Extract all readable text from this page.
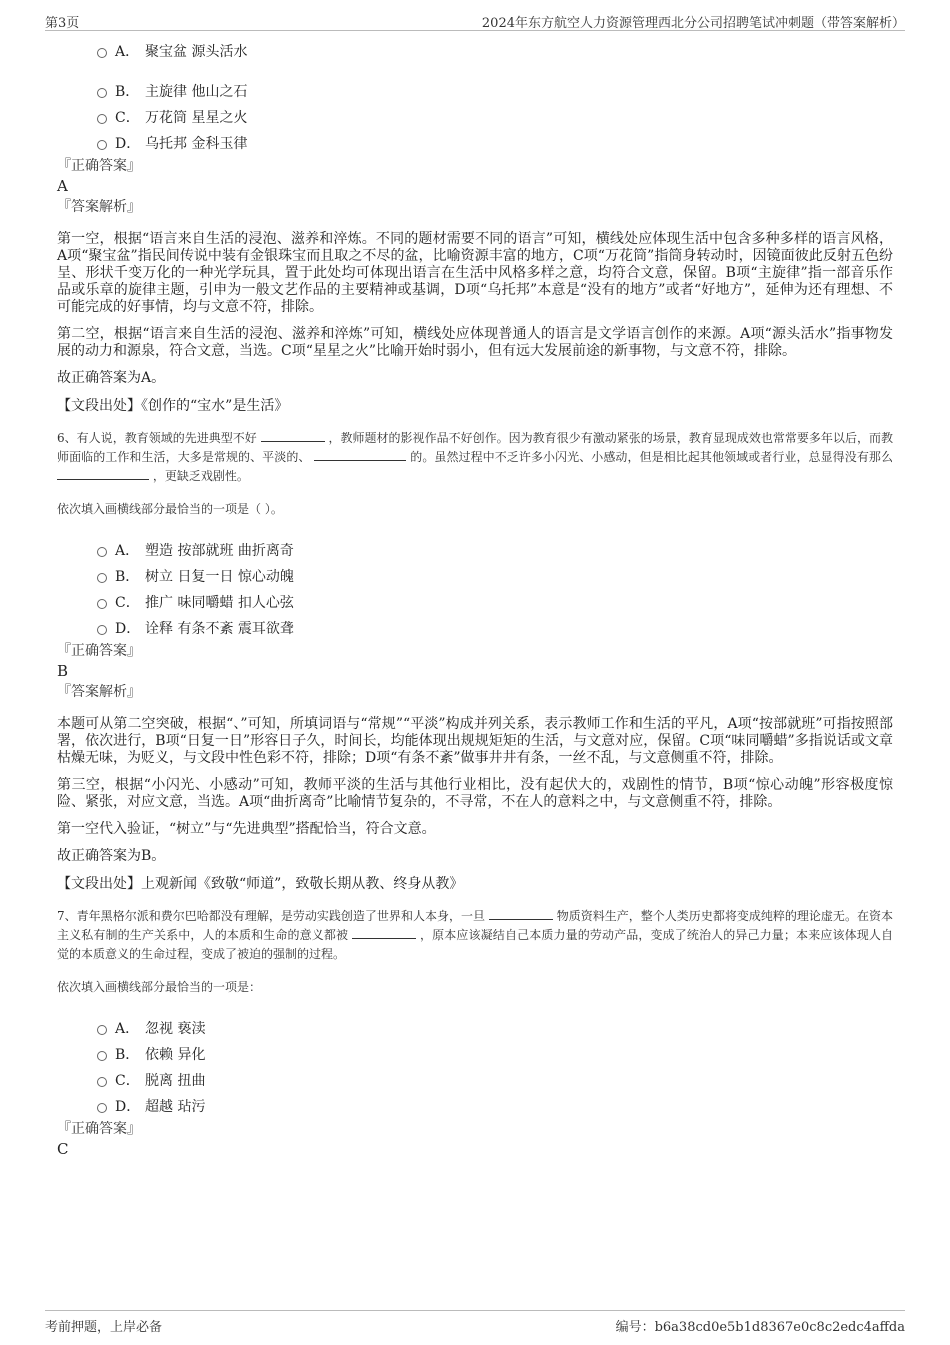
第3页	2024年东方航空人力资源管理西北分公司招聘笔试冲刺题（带答案解析）
A． 聚宝盆 源头活水
B． 主旋律 他山之石
C． 万花筒 星星之火
D． 乌托邦 金科玉律
『正确答案』
A
『答案解析』
第一空，根据“语言来自生活的浸泡、滋养和淬炼。不同的题材需要不同的语言”可知，横线处应体现生活中包含多种多样的语言风格，A项“聚宝盆”指民间传说中装有金银珠宝而且取之不尽的盆，比喻资源丰富的地方，C项“万花筒”指筒身转动时，因镜面彼此反射五色纷呈、形状千变万化的一种光学玩具，置于此处均可体现出语言在生活中风格多样之意，均符合文意，保留。B项“主旋律”指一部音乐作品或乐章的旋律主题，引申为一般文艺作品的主要精神或基调，D项“乌托邦”本意是“没有的地方”或者“好地方”，延伸为还有理想、不可能完成的好事情，均与文意不符，排除。
第二空，根据“语言来自生活的浸泡、滋养和淬炼”可知，横线处应体现普通人的语言是文学语言创作的来源。A项“源头活水”指事物发展的动力和源泉，符合文意，当选。C项“星星之火”比喻开始时弱小，但有远大发展前途的新事物，与文意不符，排除。
故正确答案为A。
【文段出处】《创作的“宝水”是生活》
6、有人说，教育领域的先进典型不好	，教师题材的影视作品不好创作。因为教育很少有激动紧张的场景，教育显现成效也常常要多年以后，而教师面临的工作和生活，大多是常规的、平淡的、	的。虽然过程中不乏许多小闪光、小感动，但是相比起其他领域或者行业，总显得没有那么  ，更缺乏戏剧性。
依次填入画横线部分最恰当的一项是（ ）。
A． 塑造 按部就班 曲折离奇
B． 树立 日复一日 惊心动魄
C． 推广 味同嚼蜡 扣人心弦
D． 诠释 有条不紊 震耳欲聋
『正确答案』
B
『答案解析』
本题可从第二空突破，根据“、”可知，所填词语与“常规”“平淡”构成并列关系，表示教师工作和生活的平凡，A项“按部就班”可指按照部署，依次进行，B项“日复一日”形容日子久，时间长，均能体现出规规矩矩的生活，与文意对应，保留。C项“味同嚼蜡”多指说话或文章枯燥无味，为贬义，与文段中性色彩不符，排除；D项“有条不紊”做事井井有条，一丝不乱，与文意侧重不符，排除。
第三空，根据“小闪光、小感动”可知，教师平淡的生活与其他行业相比，没有起伏大的，戏剧性的情节，B项“惊心动魄”形容极度惊险、紧张，对应文意，当选。A项“曲折离奇”比喻情节复杂的，不寻常，不在人的意料之中，与文意侧重不符，排除。
第一空代入验证，“树立”与“先进典型”搭配恰当，符合文意。
故正确答案为B。
【文段出处】上观新闻《致敬“师道”，致敬长期从教、终身从教》
7、青年黑格尔派和费尔巴哈都没有理解，是劳动实践创造了世界和人本身，一旦	物质资料生产，整个人类历史都将变成纯粹的理论虚无。在资本主义私有制的生产关系中，人的本质和生命的意义都被	，原本应该凝结自己本质力量的劳动产品，变成了统治人的异己力量；本来应该体现人自觉的本质意义的生命过程，变成了被迫的强制的过程。
依次填入画横线部分最恰当的一项是：
A． 忽视 亵渎
B． 依赖 异化
C． 脱离 扭曲
D． 超越 玷污
『正确答案』
C
考前押题，上岸必备	编号：b6a38cd0e5b1d8367e0c8c2edc4affda
